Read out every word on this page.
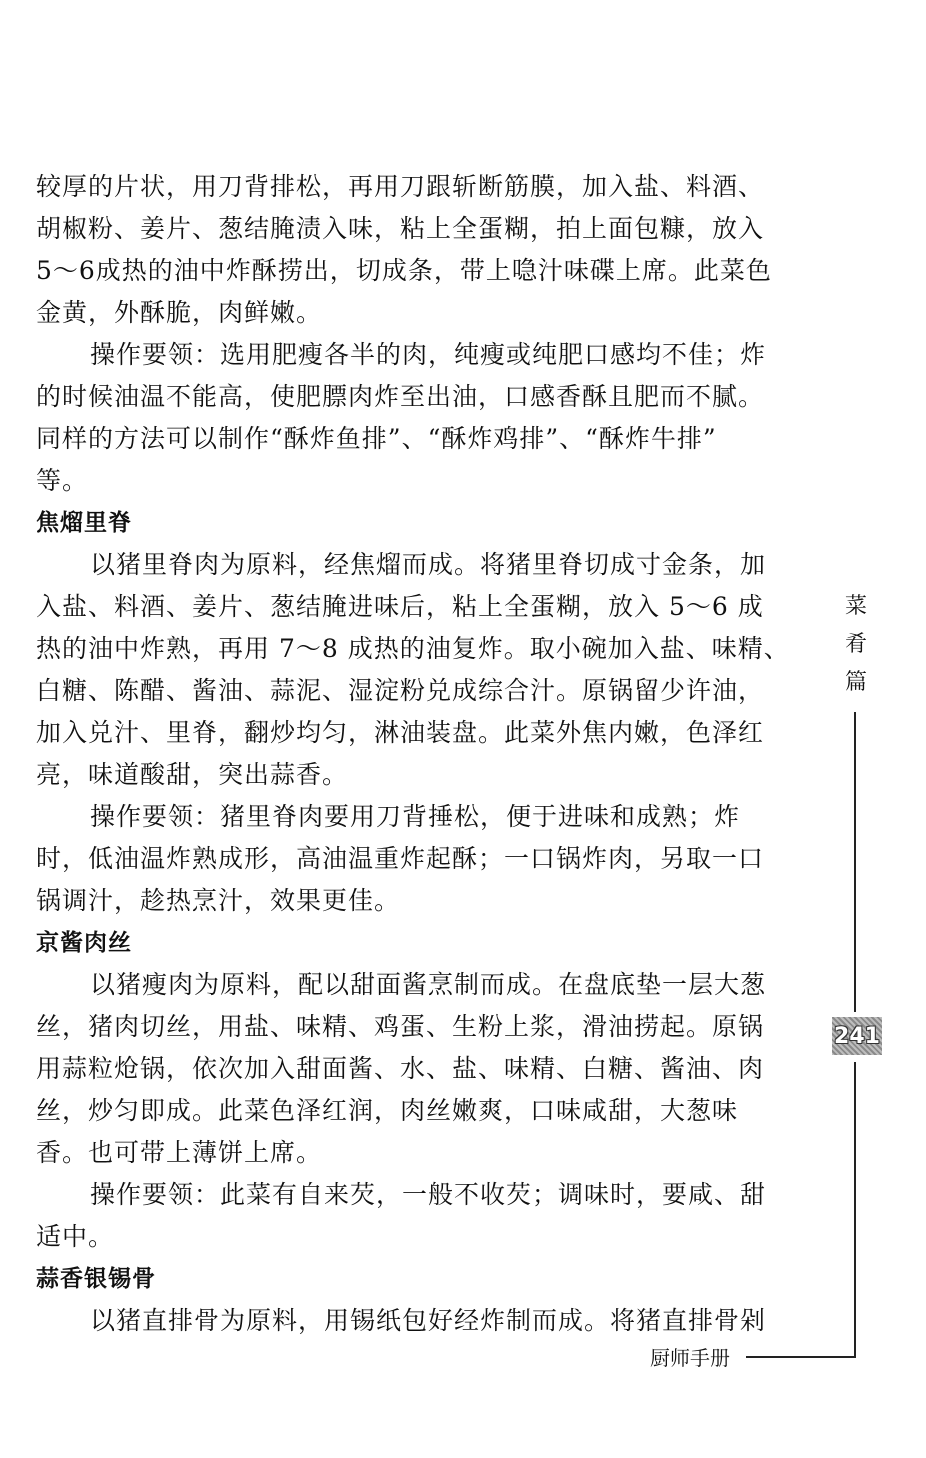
较厚的片状，用刀背排松，再用刀跟斩断筋膜，加入盐、料酒、
胡椒粉、姜片、葱结腌渍入味，粘上全蛋糊，拍上面包糠，放入
5～6成热的油中炸酥捞出，切成条，带上喼汁味碟上席。此菜色
金黄，外酥脆，肉鲜嫩。
操作要领：选用肥瘦各半的肉，纯瘦或纯肥口感均不佳；炸
的时候油温不能高，使肥膘肉炸至出油，口感香酥且肥而不腻。
同样的方法可以制作“酥炸鱼排”、“酥炸鸡排”、“酥炸牛排”
等。
焦熘里脊
以猪里脊肉为原料，经焦熘而成。将猪里脊切成寸金条，加
入盐、料酒、姜片、葱结腌进味后，粘上全蛋糊，放入 5～6 成
热的油中炸熟，再用 7～8 成热的油复炸。取小碗加入盐、味精、
白糖、陈醋、酱油、蒜泥、湿淀粉兑成综合汁。原锅留少许油，
加入兑汁、里脊，翻炒均匀，淋油装盘。此菜外焦内嫩，色泽红
亮，味道酸甜，突出蒜香。
操作要领：猪里脊肉要用刀背捶松，便于进味和成熟；炸
时，低油温炸熟成形，高油温重炸起酥；一口锅炸肉，另取一口
锅调汁，趁热烹汁，效果更佳。
京酱肉丝
以猪瘦肉为原料，配以甜面酱烹制而成。在盘底垫一层大葱
丝，猪肉切丝，用盐、味精、鸡蛋、生粉上浆，滑油捞起。原锅
用蒜粒炝锅，依次加入甜面酱、水、盐、味精、白糖、酱油、肉
丝，炒匀即成。此菜色泽红润，肉丝嫩爽，口味咸甜，大葱味
香。也可带上薄饼上席。
操作要领：此菜有自来芡，一般不收芡；调味时，要咸、甜
适中。
蒜香银锡骨
以猪直排骨为原料，用锡纸包好经炸制而成。将猪直排骨剁
菜
肴
篇
241
厨师手册
